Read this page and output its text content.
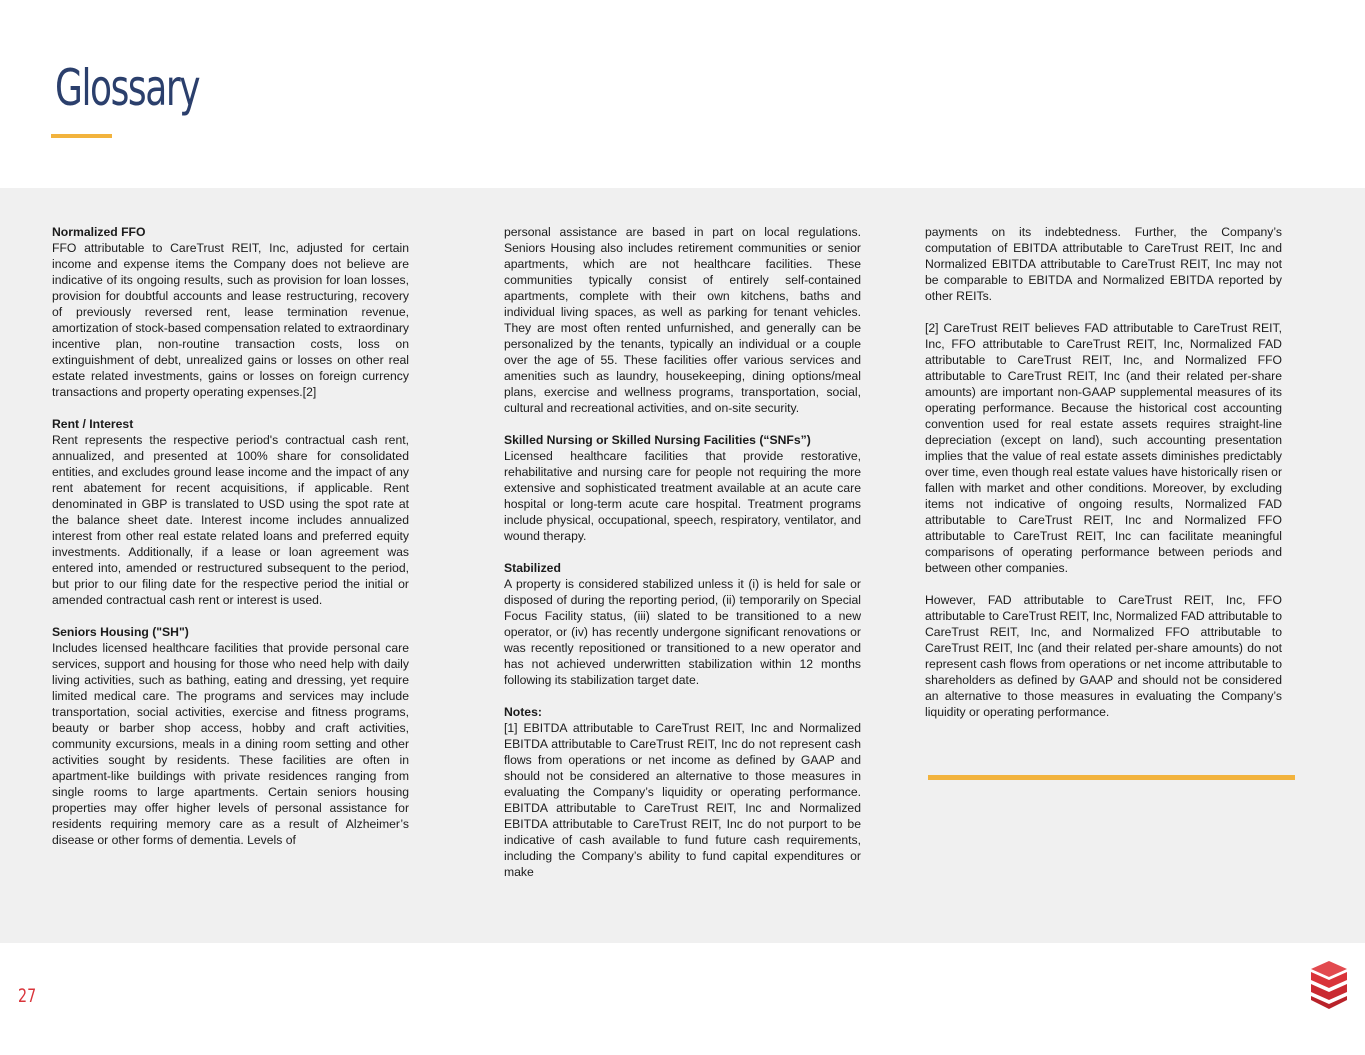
Glossary
Normalized FFO

FFO attributable to CareTrust REIT, Inc, adjusted for certain income and expense items the Company does not believe are indicative of its ongoing results, such as provision for loan losses, provision for doubtful accounts and lease restructuring, recovery of previously reversed rent, lease termination revenue, amortization of stock-based compensation related to extraordinary incentive plan, non-routine transaction costs, loss on extinguishment of debt, unrealized gains or losses on other real estate related investments, gains or losses on foreign currency transactions and property operating expenses.[2]

Rent / Interest

Rent represents the respective period's contractual cash rent, annualized, and presented at 100% share for consolidated entities, and excludes ground lease income and the impact of any rent abatement for recent acquisitions, if applicable. Rent denominated in GBP is translated to USD using the spot rate at the balance sheet date. Interest income includes annualized interest from other real estate related loans and preferred equity investments. Additionally, if a lease or loan agreement was entered into, amended or restructured subsequent to the period, but prior to our filing date for the respective period the initial or amended contractual cash rent or interest is used.

Seniors Housing ("SH")

Includes licensed healthcare facilities that provide personal care services, support and housing for those who need help with daily living activities, such as bathing, eating and dressing, yet require limited medical care. The programs and services may include transportation, social activities, exercise and fitness programs, beauty or barber shop access, hobby and craft activities, community excursions, meals in a dining room setting and other activities sought by residents. These facilities are often in apartment-like buildings with private residences ranging from single rooms to large apartments. Certain seniors housing properties may offer higher levels of personal assistance for residents requiring memory care as a result of Alzheimer’s disease or other forms of dementia. Levels of

personal assistance are based in part on local regulations. Seniors Housing also includes retirement communities or senior apartments, which are not healthcare facilities. These communities typically consist of entirely self-contained apartments, complete with their own kitchens, baths and individual living spaces, as well as parking for tenant vehicles. They are most often rented unfurnished, and generally can be personalized by the tenants, typically an individual or a couple over the age of 55. These facilities offer various services and amenities such as laundry, housekeeping, dining options/meal plans, exercise and wellness programs, transportation, social, cultural and recreational activities, and on-site security.

Skilled Nursing or Skilled Nursing Facilities (“SNFs”)

Licensed healthcare facilities that provide restorative, rehabilitative and nursing care for people not requiring the more extensive and sophisticated treatment available at an acute care hospital or long-term acute care hospital. Treatment programs include physical, occupational, speech, respiratory, ventilator, and wound therapy.

Stabilized

A property is considered stabilized unless it (i) is held for sale or disposed of during the reporting period, (ii) temporarily on Special Focus Facility status, (iii) slated to be transitioned to a new operator, or (iv) has recently undergone significant renovations or was recently repositioned or transitioned to a new operator and has not achieved underwritten stabilization within 12 months following its stabilization target date.

Notes:

[1] EBITDA attributable to CareTrust REIT, Inc and Normalized EBITDA attributable to CareTrust REIT, Inc do not represent cash flows from operations or net income as defined by GAAP and should not be considered an alternative to those measures in evaluating the Company’s liquidity or operating performance. EBITDA attributable to CareTrust REIT, Inc and Normalized EBITDA attributable to CareTrust REIT, Inc do not purport to be indicative of cash available to fund future cash requirements, including the Company’s ability to fund capital expenditures or make

payments on its indebtedness. Further, the Company’s computation of EBITDA attributable to CareTrust REIT, Inc and Normalized EBITDA attributable to CareTrust REIT, Inc may not be comparable to EBITDA and Normalized EBITDA reported by other REITs.

[2] CareTrust REIT believes FAD attributable to CareTrust REIT, Inc, FFO attributable to CareTrust REIT, Inc, Normalized FAD attributable to CareTrust REIT, Inc, and Normalized FFO attributable to CareTrust REIT, Inc (and their related per-share amounts) are important non-GAAP supplemental measures of its operating performance. Because the historical cost accounting convention used for real estate assets requires straight-line depreciation (except on land), such accounting presentation implies that the value of real estate assets diminishes predictably over time, even though real estate values have historically risen or fallen with market and other conditions. Moreover, by excluding items not indicative of ongoing results, Normalized FAD attributable to CareTrust REIT, Inc and Normalized FFO attributable to CareTrust REIT, Inc can facilitate meaningful comparisons of operating performance between periods and between other companies.

However, FAD attributable to CareTrust REIT, Inc, FFO attributable to CareTrust REIT, Inc, Normalized FAD attributable to CareTrust REIT, Inc, and Normalized FFO attributable to CareTrust REIT, Inc (and their related per-share amounts) do not represent cash flows from operations or net income attributable to shareholders as defined by GAAP and should not be considered an alternative to those measures in evaluating the Company’s liquidity or operating performance.

27
